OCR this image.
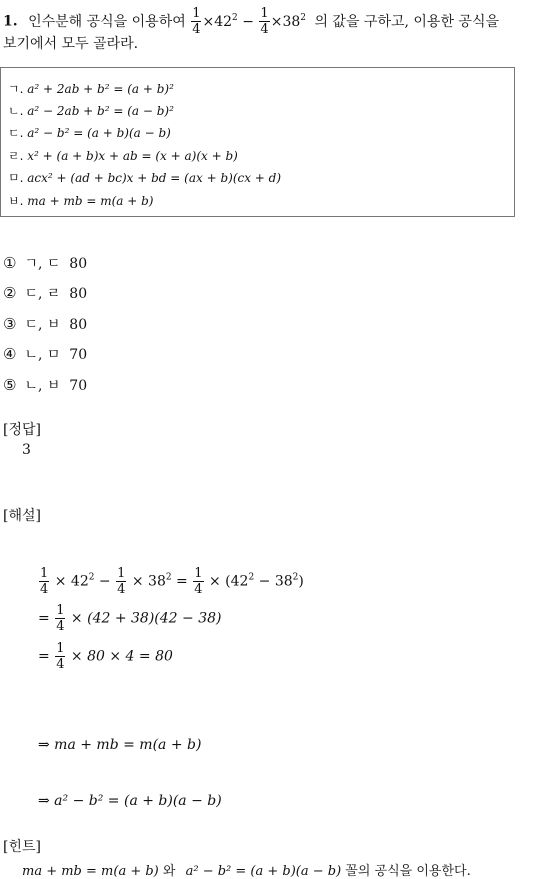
1. 인수분해 공식을 이용하여 $\frac{1}{4} \times 42^2 - \frac{1}{4} \times 38^2$ 의 값을 구하고, 이용한 공식을
보기에서 모두 골라라.
ㄱ. a² + 2ab + b² = (a + b)²
ㄴ. a² − 2ab + b² = (a − b)²
ㄷ. a² − b² = (a + b)(a − b)
ㄹ. x² + (a + b)x + ab = (x + a)(x + b)
ㅁ. acx² + (ad + bc)x + bd = (ax + b)(cx + d)
ㅂ. ma + mb = m(a + b)
① ㄱ, ㄷ  80
② ㄷ, ㄹ  80
③ ㄷ, ㅂ  80
④ ㄴ, ㅁ  70
⑤ ㄴ, ㅂ  70
[정답]
3
[해설]
$\frac{1}{4} \times 42^2 - \frac{1}{4} \times 38^2 = \frac{1}{4} \times (42^2 - 38^2)$
= $\frac{1}{4} \times (42 + 38)(42 - 38)$
= $\frac{1}{4} \times 80 \times 4 = 80$
⇒ ma + mb = m(a + b)
⇒ a² − b² = (a + b)(a − b)
[힌트]
ma + mb = m(a + b) 와 a² − b² = (a + b)(a − b) 꼴의 공식을 이용한다.
